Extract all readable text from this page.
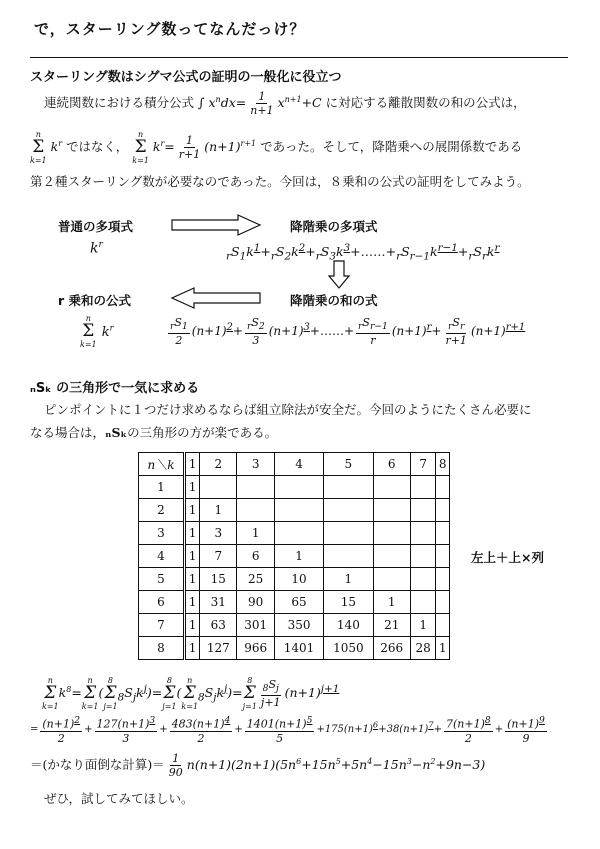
で，スターリング数ってなんだっけ？
スターリング数はシグマ公式の証明の一般化に役立つ
連続関数における積分公式 ∫ $x^ndx= \frac{1}{n+1} x^{n+1}+C$ に対応する離散関数の和の公式は，
n
Σ
k=1
$k^r$ ではなく，
n
Σ
k=1
$k^r= \frac{1}{r+1} (n+1)^{r+1}$ であった。そして，降階乗への展開係数である
第２種スターリング数が必要なのであった。今回は，８乗和の公式の証明をしてみよう。
普通の多項式	降階乗の多項式
$k^r$
$_rS_1k^1+_rS_2k^2+_rS_3k^3+\dots\dots+_rS_{r-1}k^{r-1}+_rS_rk^r$
r 乗和の公式	降階乗の和の式
n
Σ
k=1
$k^r$	$\frac{_rS_1}{2} (n+1)^2+ \frac{_rS_2}{3}$ $(n+1)^3+\dots\dots+ \frac{_rS_{r-1}}{r} (n+1)^r+ \frac{_rS_r}{r+1} (n+1)^{r+1}$
ₙSₖ の三角形で一気に求める
ピンポイントに１つだけ求めるならば組立除法が安全だ。今回のようにたくさん必要に
なる場合は，ₙSₖの三角形の方が楽である。
n＼k	1	2	3	4	5	6	7	8
1	1							
2	1	1						
3	1	3	1					
4	1	7	6	1				
5	1	15	25	10	1			
6	1	31	90	65	15	1		
7	1	63	301	350	140	21	1	
8	1	127	966	1401	1050	266	28	1
左上＋上×列
n
Σ
k=1
$k^8=$
n
Σ
k=1
(
8
Σ
j=1
$_8S_jk^j)=$
8
Σ
j=1
(
n
Σ
k=1
$_8S_jk^j)=$
8
Σ
$j=1 \frac{_8S_j}{j+1} (n+1)^{j+1}$
= $\frac{(n+1)^2}{2} + \frac{127(n+1)^3}{3} + \frac{483(n+1)^4}{2} + \frac{1401(n+1)^5}{5} +175(n+1)^6+38(n+1)^7+ \frac{7(n+1)^8}{2} + \frac{(n+1)^9}{9}$
＝(かなり面倒な計算)＝ $\frac{1}{90} n(n+1)(2n+1)(5n^6+15n^5+5n^4-15n^3-n^2+9n-3)$
ぜひ，試してみてほしい。
